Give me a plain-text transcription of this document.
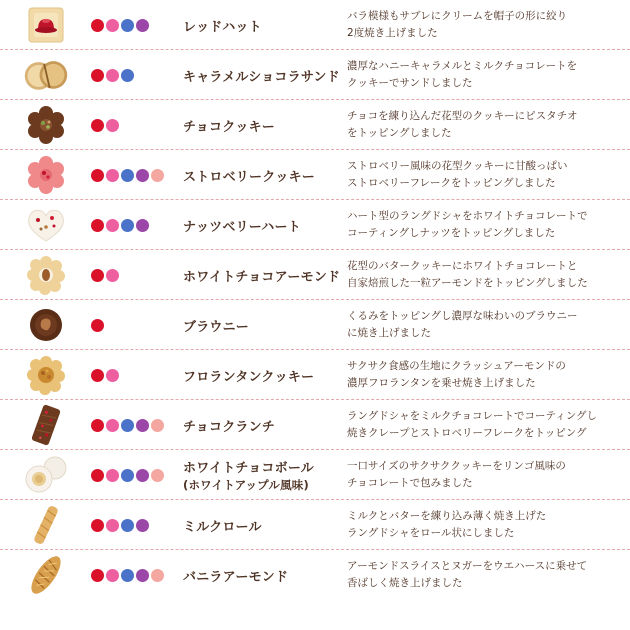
レッドハット
バラ模様もサブレにクリームを帽子の形に絞り
2度焼き上げました
キャラメルショコラサンド
濃厚なハニーキャラメルとミルクチョコレートを
クッキーでサンドしました
チョコクッキー
チョコを練り込んだ花型のクッキーにピスタチオ
をトッピングしました
ストロベリークッキー
ストロベリー風味の花型クッキーに甘酸っぱい
ストロベリーフレークをトッピングしました
ナッツベリーハート
ハート型のラングドシャをホワイトチョコレートで
コーティングしナッツをトッピングしました
ホワイトチョコアーモンド
花型のバタークッキーにホワイトチョコレートと
自家焙煎した一粒アーモンドをトッピングしました
ブラウニー
くるみをトッピングし濃厚な味わいのブラウニー
に焼き上げました
フロランタンクッキー
サクサク食感の生地にクラッシュアーモンドの
濃厚フロランタンを乗せ焼き上げました
チョコクランチ
ラングドシャをミルクチョコレートでコーティングし
焼きクレープとストロベリーフレークをトッピング
ホワイトチョコボール
(ホワイトアップル風味)
一口サイズのサクサククッキーをリンゴ風味の
チョコレートで包みました
ミルクロール
ミルクとバターを練り込み薄く焼き上げた
ラングドシャをロール状にしました
バニラアーモンド
アーモンドスライスとヌガーをウエハースに乗せて
香ばしく焼き上げました
